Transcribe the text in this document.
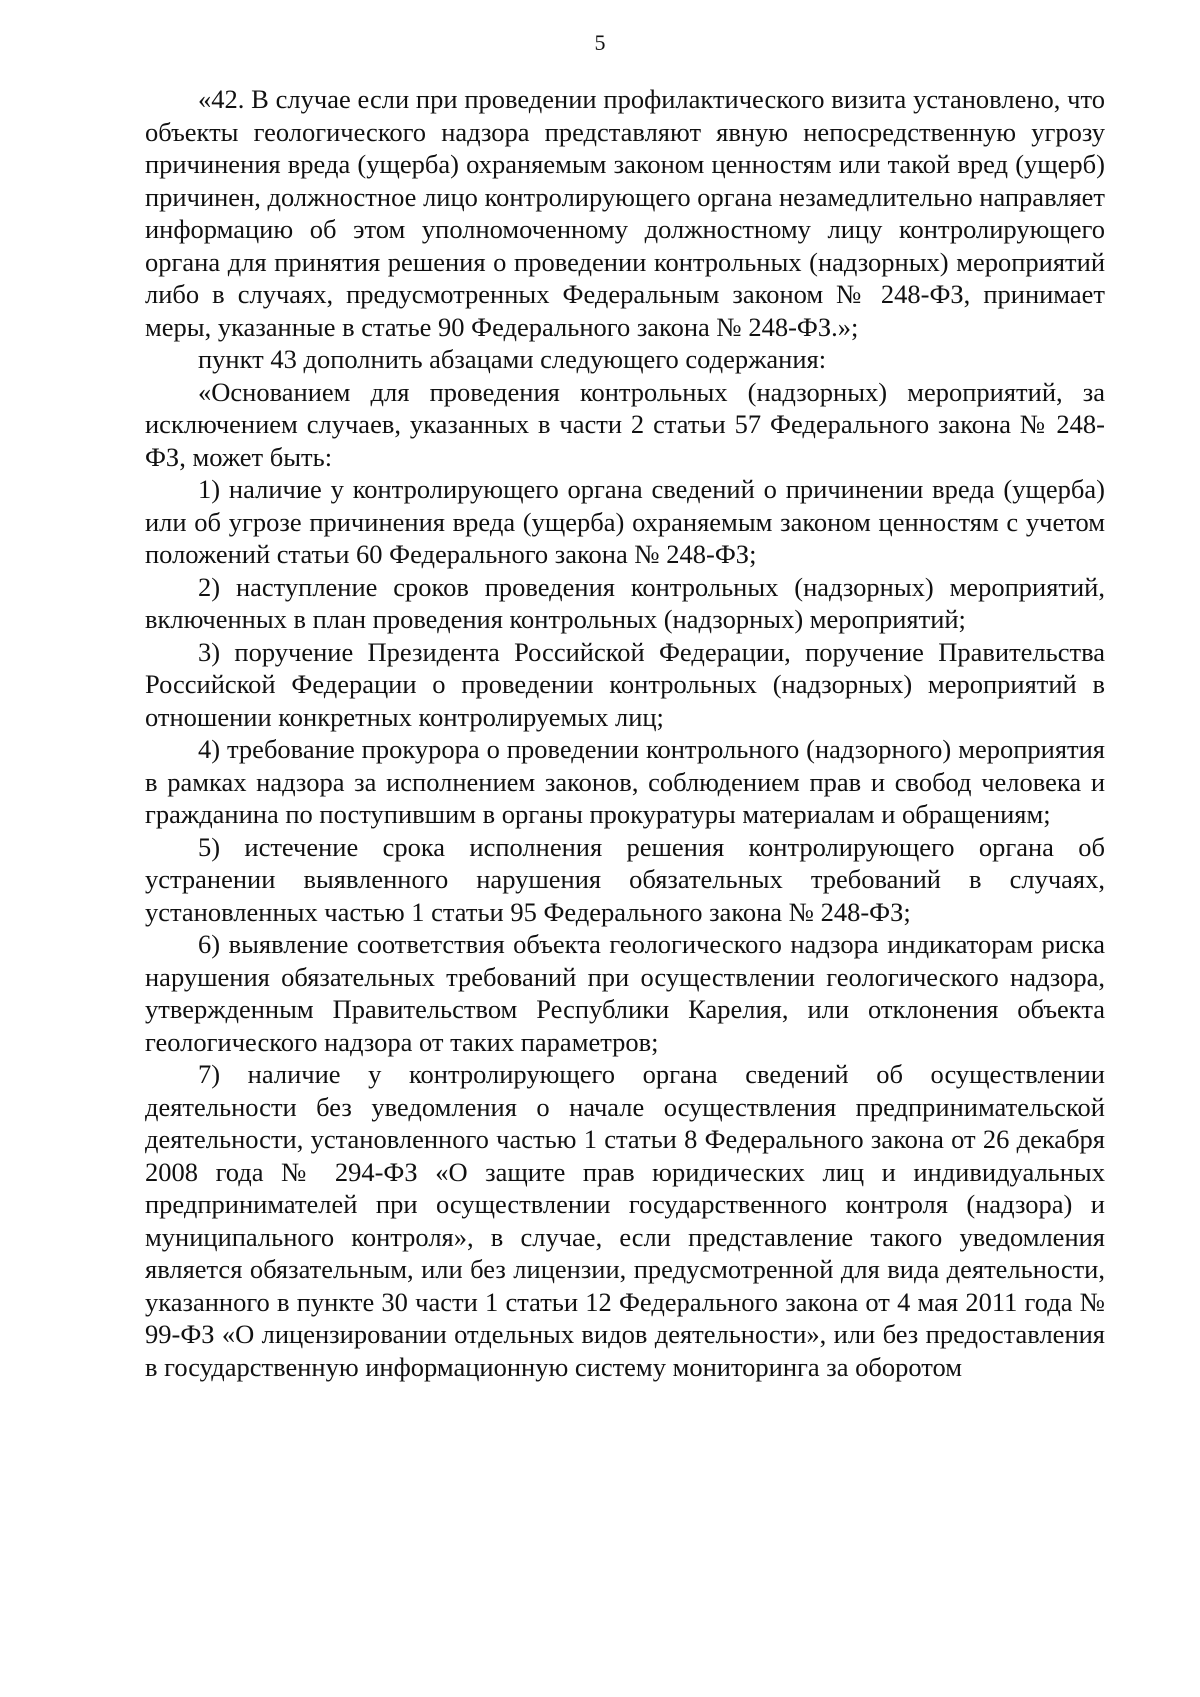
5

«42. В случае если при проведении профилактического визита установлено, что объекты геологического надзора представляют явную непосредственную угрозу причинения вреда (ущерба) охраняемым законом ценностям или такой вред (ущерб) причинен, должностное лицо контролирующего органа незамедлительно направляет информацию об этом уполномоченному должностному лицу контролирующего органа для принятия решения о проведении контрольных (надзорных) мероприятий либо в случаях, предусмотренных Федеральным законом № 248-ФЗ, принимает меры, указанные в статье 90 Федерального закона № 248-ФЗ.»;

пункт 43 дополнить абзацами следующего содержания:

«Основанием для проведения контрольных (надзорных) мероприятий, за исключением случаев, указанных в части 2 статьи 57 Федерального закона № 248-ФЗ, может быть:

1) наличие у контролирующего органа сведений о причинении вреда (ущерба) или об угрозе причинения вреда (ущерба) охраняемым законом ценностям с учетом положений статьи 60 Федерального закона № 248-ФЗ;

2) наступление сроков проведения контрольных (надзорных) мероприятий, включенных в план проведения контрольных (надзорных) мероприятий;

3) поручение Президента Российской Федерации, поручение Правительства Российской Федерации о проведении контрольных (надзорных) мероприятий в отношении конкретных контролируемых лиц;

4) требование прокурора о проведении контрольного (надзорного) мероприятия в рамках надзора за исполнением законов, соблюдением прав и свобод человека и гражданина по поступившим в органы прокуратуры материалам и обращениям;

5) истечение срока исполнения решения контролирующего органа об устранении выявленного нарушения обязательных требований в случаях, установленных частью 1 статьи 95 Федерального закона № 248-ФЗ;

6) выявление соответствия объекта геологического надзора индикаторам риска нарушения обязательных требований при осуществлении геологического надзора, утвержденным Правительством Республики Карелия, или отклонения объекта геологического надзора от таких параметров;

7) наличие у контролирующего органа сведений об осуществлении деятельности без уведомления о начале осуществления предпринимательской деятельности, установленного частью 1 статьи 8 Федерального закона от 26 декабря 2008 года № 294-ФЗ «О защите прав юридических лиц и индивидуальных предпринимателей при осуществлении государственного контроля (надзора) и муниципального контроля», в случае, если представление такого уведомления является обязательным, или без лицензии, предусмотренной для вида деятельности, указанного в пункте 30 части 1 статьи 12 Федерального закона от 4 мая 2011 года № 99-ФЗ «О лицензировании отдельных видов деятельности», или без предоставления в государственную информационную систему мониторинга за оборотом
